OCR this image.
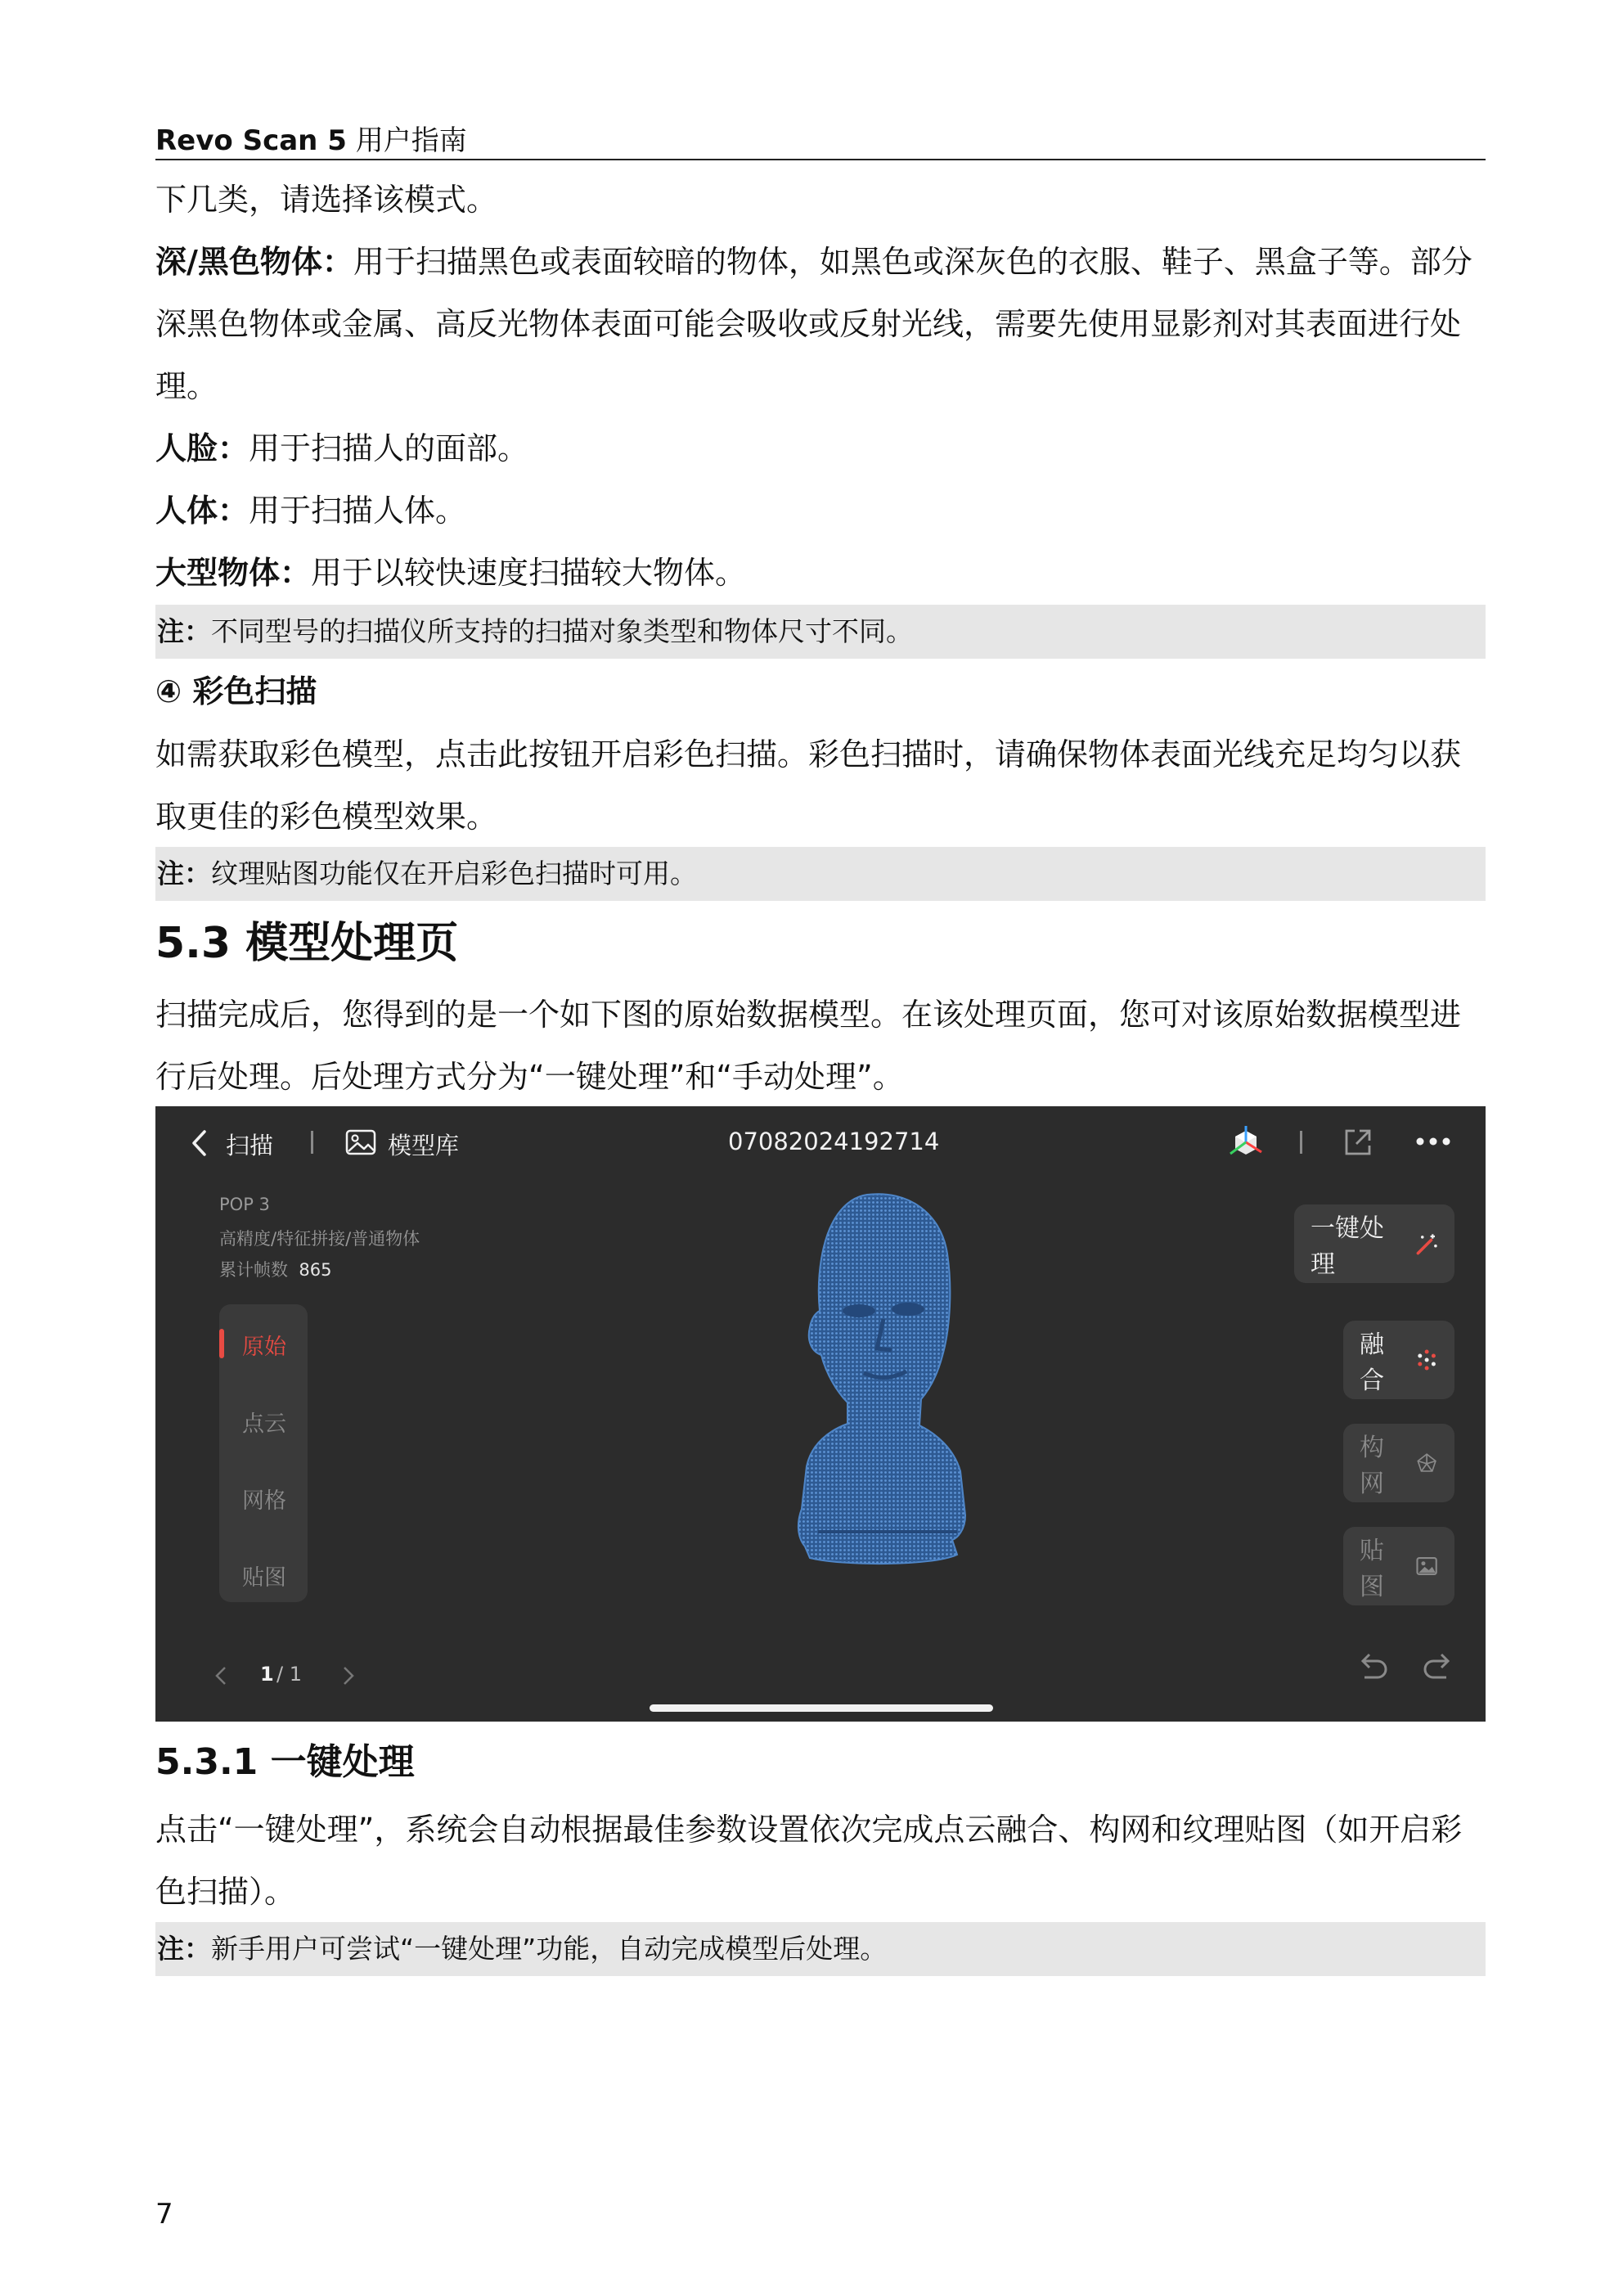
Revo Scan 5 用户指南
下几类，请选择该模式。
深/黑色物体：用于扫描黑色或表面较暗的物体，如黑色或深灰色的衣服、鞋子、黑盒子等。部分深黑色物体或金属、高反光物体表面可能会吸收或反射光线，需要先使用显影剂对其表面进行处理。
人脸：用于扫描人的面部。
人体：用于扫描人体。
大型物体：用于以较快速度扫描较大物体。
注：不同型号的扫描仪所支持的扫描对象类型和物体尺寸不同。
④ 彩色扫描
如需获取彩色模型，点击此按钮开启彩色扫描。彩色扫描时，请确保物体表面光线充足均匀以获取更佳的彩色模型效果。
注：纹理贴图功能仅在开启彩色扫描时可用。
5.3 模型处理页
扫描完成后，您得到的是一个如下图的原始数据模型。在该处理页面，您可对该原始数据模型进行后处理。后处理方式分为“一键处理”和“手动处理”。
扫描	模型库	07082024192714
POP 3
高精度/特征拼接/普通物体
累计帧数 865
原始
点云
网格
贴图
一键处理
融合
构网
贴图
1 / 1
5.3.1 一键处理
点击“一键处理”，系统会自动根据最佳参数设置依次完成点云融合、构网和纹理贴图（如开启彩色扫描）。
注：新手用户可尝试“一键处理”功能，自动完成模型后处理。
7
